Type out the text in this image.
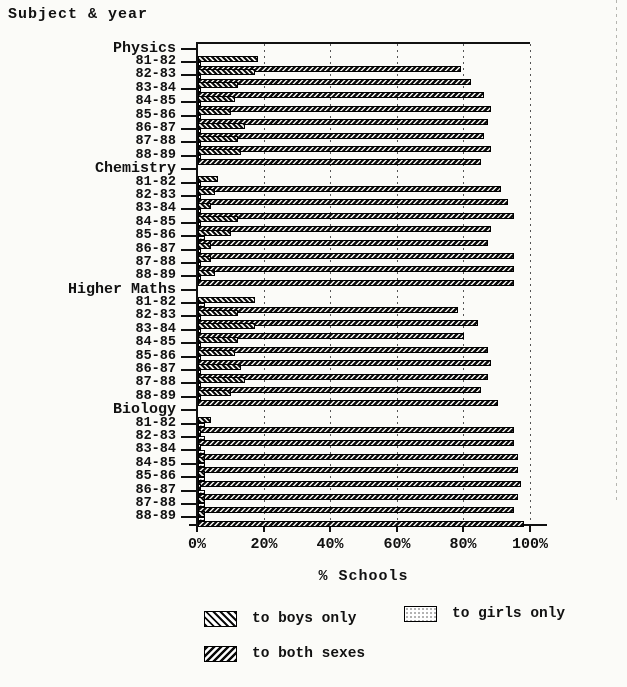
Subject & year
Physics
81-82
82-83
83-84
84-85
85-86
86-87
87-88
88-89
Chemistry
81-82
82-83
83-84
84-85
85-86
86-87
87-88
88-89
Higher Maths
81-82
82-83
83-84
84-85
85-86
86-87
87-88
88-89
Biology
81-82
82-83
83-84
84-85
85-86
86-87
87-88
88-89
0%	20%	40%	60%	80%	100%
% Schools
to boys only	to girls only
to both sexes
